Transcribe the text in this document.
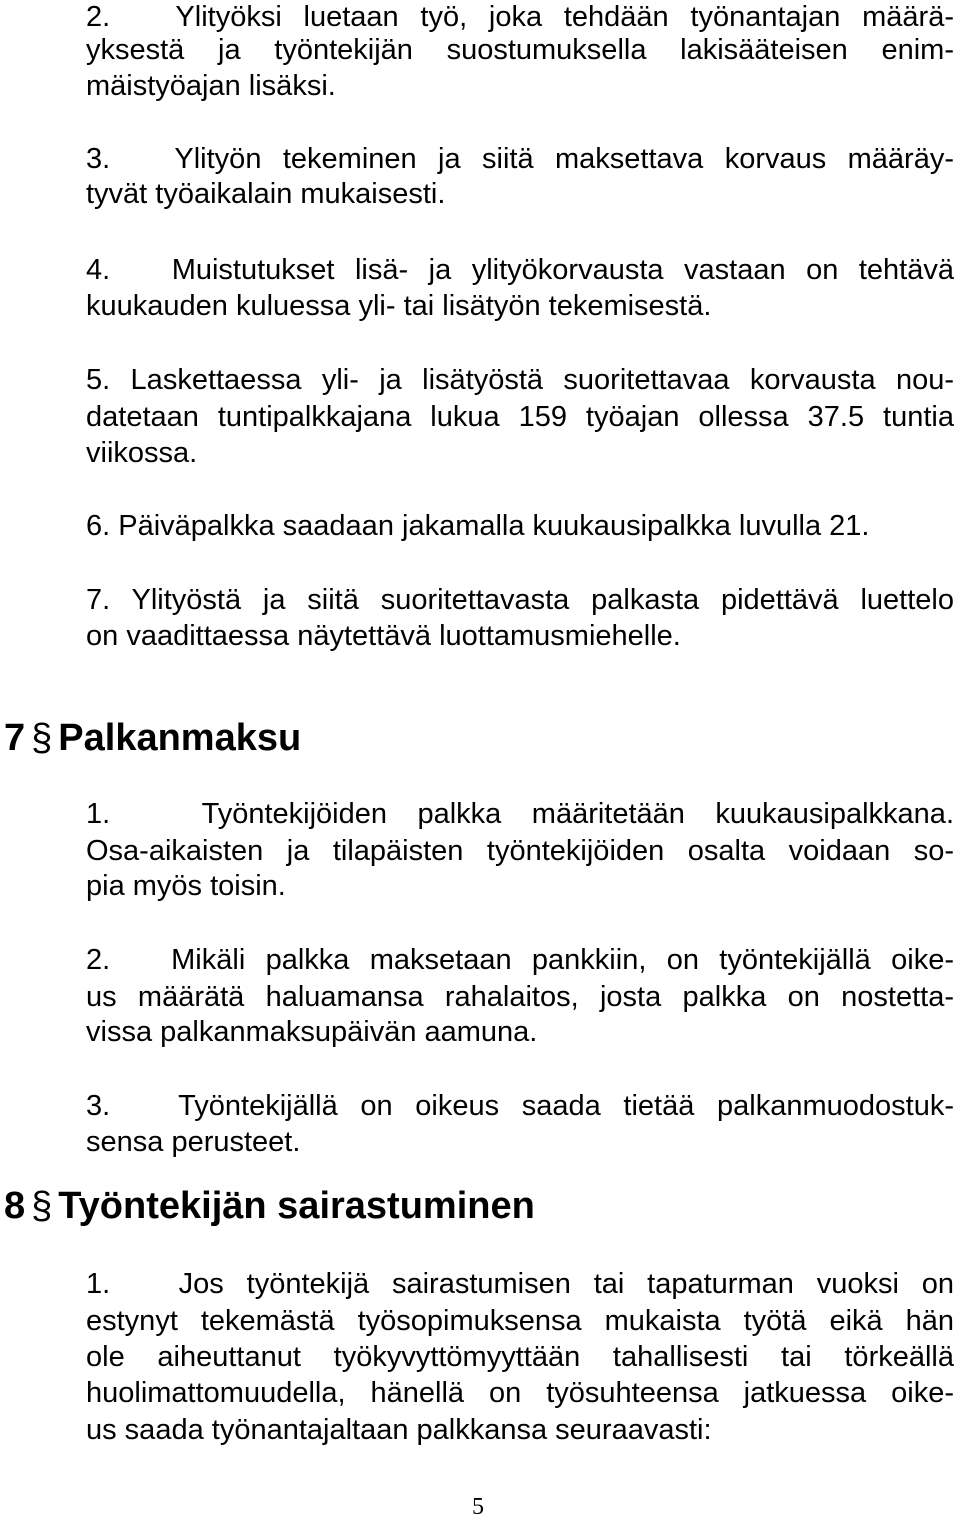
2.   Ylityöksi luetaan työ, joka tehdään työnantajan määrä-
yksestä ja työntekijän suostumuksella lakisääteisen enim-
mäistyöajan lisäksi.
3.   Ylityön tekeminen ja siitä maksettava korvaus määräy-
tyvät työaikalain mukaisesti.
4.   Muistutukset lisä- ja ylityökorvausta vastaan on tehtävä
kuukauden kuluessa yli- tai lisätyön tekemisestä.
5. Laskettaessa yli- ja lisätyöstä suoritettavaa korvausta nou-
datetaan tuntipalkkajana lukua 159 työajan ollessa 37.5 tuntia
viikossa.
6. Päiväpalkka saadaan jakamalla kuukausipalkka luvulla 21.
7. Ylityöstä ja siitä suoritettavasta palkasta pidettävä luettelo
on vaadittaessa näytettävä luottamusmiehelle.
7 § Palkanmaksu
1.   Työntekijöiden palkka määritetään kuukausipalkkana.
Osa-aikaisten ja tilapäisten työntekijöiden osalta voidaan so-
pia myös toisin.
2.   Mikäli palkka maksetaan pankkiin, on työntekijällä oike-
us määrätä haluamansa rahalaitos, josta palkka on nostetta-
vissa palkanmaksupäivän aamuna.
3.   Työntekijällä on oikeus saada tietää palkanmuodostuk-
sensa perusteet.
8 § Työntekijän sairastuminen
1.   Jos työntekijä sairastumisen tai tapaturman vuoksi on
estynyt tekemästä työsopimuksensa mukaista työtä eikä hän
ole aiheuttanut työkyvyttömyyttään tahallisesti tai törkeällä
huolimattomuudella, hänellä on työsuhteensa jatkuessa oike-
us saada työnantajaltaan palkkansa seuraavasti:
5
